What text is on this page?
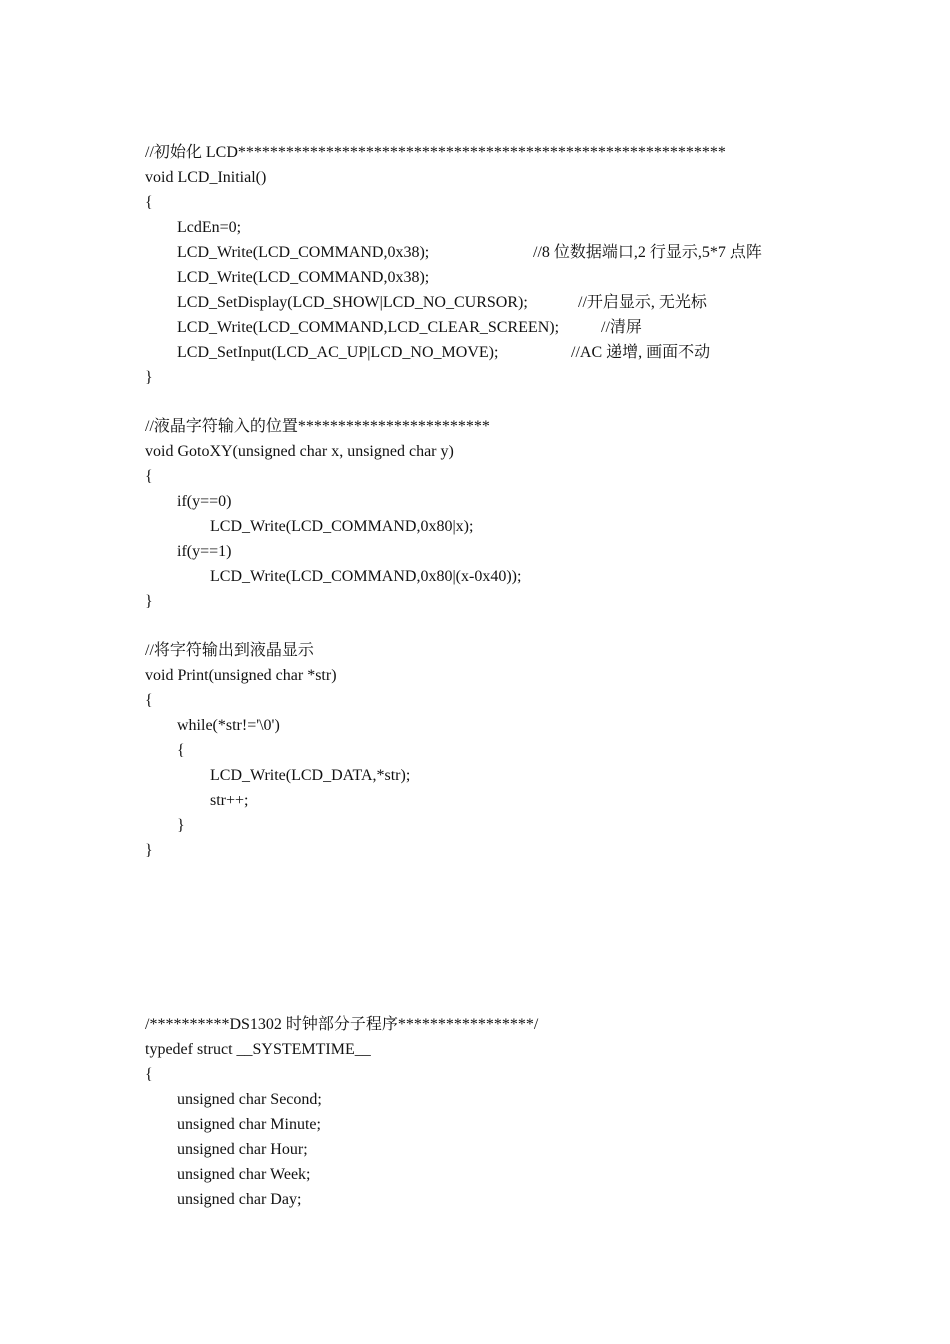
//初始化 LCD*************************************************************
void LCD_Initial()
{
LcdEn=0;
LCD_Write(LCD_COMMAND,0x38);	//8 位数据端口,2 行显示,5*7 点阵
LCD_Write(LCD_COMMAND,0x38);
LCD_SetDisplay(LCD_SHOW|LCD_NO_CURSOR);	//开启显示, 无光标
LCD_Write(LCD_COMMAND,LCD_CLEAR_SCREEN);	//清屏
LCD_SetInput(LCD_AC_UP|LCD_NO_MOVE);	//AC 递增, 画面不动
}
//液晶字符输入的位置************************
void GotoXY(unsigned char x, unsigned char y)
{
if(y==0)
LCD_Write(LCD_COMMAND,0x80|x);
if(y==1)
LCD_Write(LCD_COMMAND,0x80|(x-0x40));
}
//将字符输出到液晶显示
void Print(unsigned char *str)
{
while(*str!='\0')
{
LCD_Write(LCD_DATA,*str);
str++;
}
}
/**********DS1302 时钟部分子程序*****************/
typedef struct __SYSTEMTIME__
{
unsigned char Second;
unsigned char Minute;
unsigned char Hour;
unsigned char Week;
unsigned char Day;
